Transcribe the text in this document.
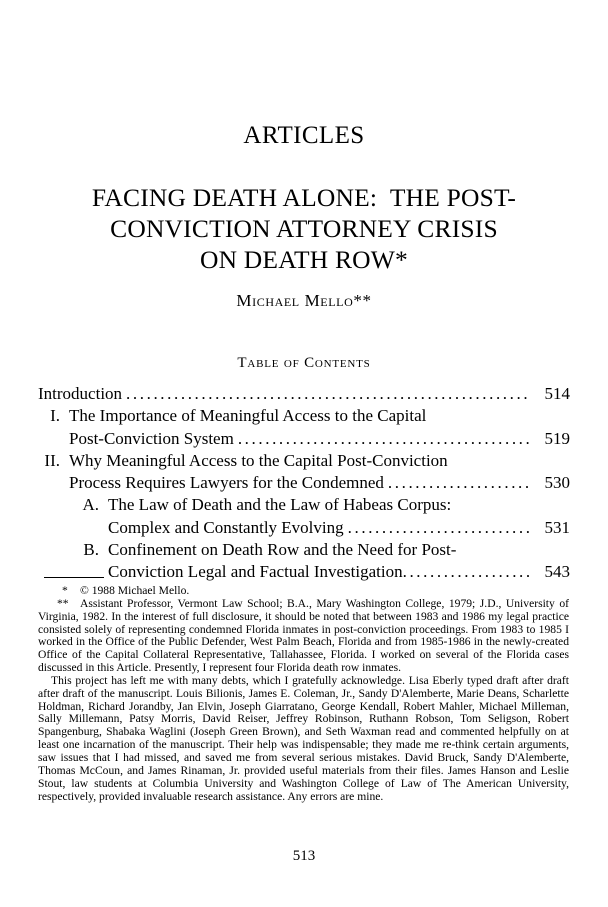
ARTICLES
FACING DEATH ALONE:  THE POST-
CONVICTION ATTORNEY CRISIS
ON DEATH ROW*
Michael Mello**
Table of Contents
Introduction .....	514
I. The Importance of Meaningful Access to the Capital
Post-Conviction System .....	519
II. Why Meaningful Access to the Capital Post-Conviction
Process Requires Lawyers for the Condemned .....	530
A. The Law of Death and the Law of Habeas Corpus:
Complex and Constantly Evolving .....	531
B. Confinement on Death Row and the Need for Post-
Conviction Legal and Factual Investigation .....	543

* © 1988 Michael Mello.

** Assistant Professor, Vermont Law School; B.A., Mary Washington College, 1979; J.D., University of Virginia, 1982. In the interest of full disclosure, it should be noted that between 1983 and 1986 my legal practice consisted solely of representing condemned Florida inmates in post-conviction proceedings. From 1983 to 1985 I worked in the Office of the Public Defender, West Palm Beach, Florida and from 1985-1986 in the newly-created Office of the Capital Collateral Representative, Tallahassee, Florida. I worked on several of the Florida cases discussed in this Article. Presently, I represent four Florida death row inmates.

This project has left me with many debts, which I gratefully acknowledge. Lisa Eberly typed draft after draft after draft of the manuscript. Louis Bilionis, James E. Coleman, Jr., Sandy D'Alemberte, Marie Deans, Scharlette Holdman, Richard Jorandby, Jan Elvin, Joseph Giarratano, George Kendall, Robert Mahler, Michael Milleman, Sally Millemann, Patsy Morris, David Reiser, Jeffrey Robinson, Ruthann Robson, Tom Seligson, Robert Spangenburg, Shabaka Waglini (Joseph Green Brown), and Seth Waxman read and commented helpfully on at least one incarnation of the manuscript. Their help was indispensable; they made me re-think certain arguments, saw issues that I had missed, and saved me from several serious mistakes. David Bruck, Sandy D'Alemberte, Thomas McCoun, and James Rinaman, Jr. provided useful materials from their files. James Hanson and Leslie Stout, law students at Columbia University and Washington College of Law of The American University, respectively, provided invaluable research assistance. Any errors are mine.

513
